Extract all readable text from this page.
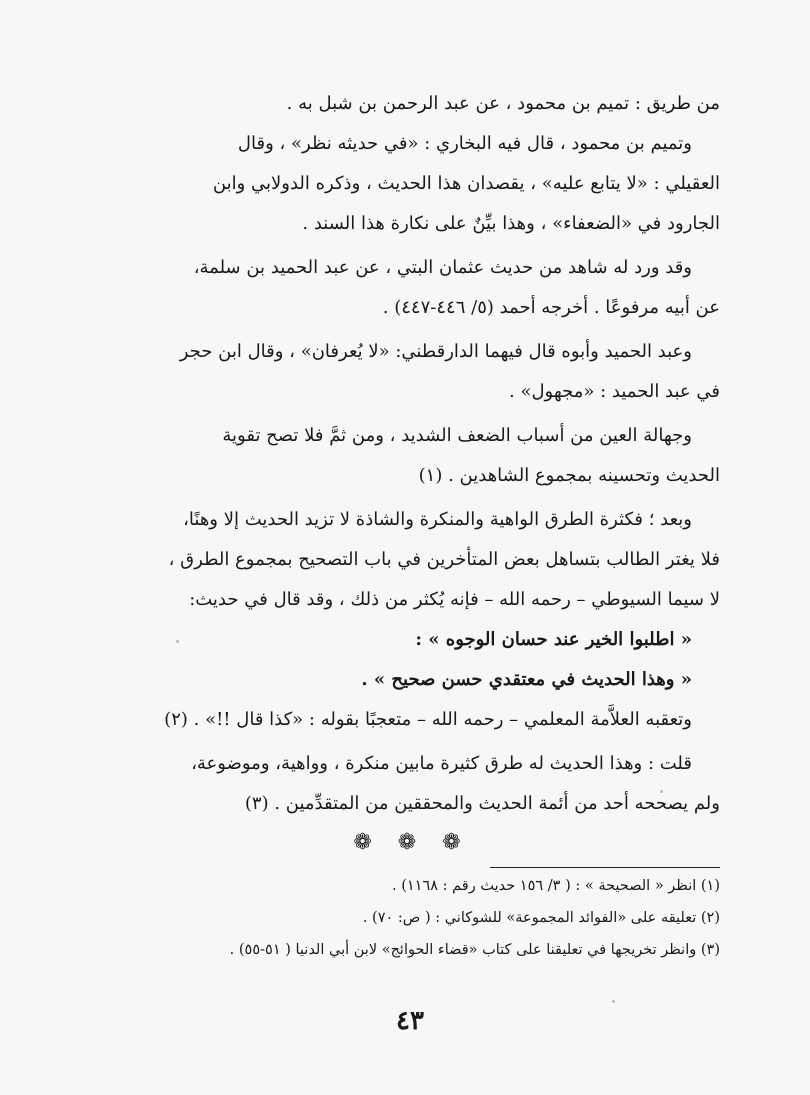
من طريق : تميم بن محمود ، عن عبد الرحمن بن شبل به .
وتميم بن محمود ، قال فيه البخاري : «في حديثه نظر» ، وقال
العقيلي : «لا يتابع عليه» ، يقصدان هذا الحديث ، وذكره الدولابي وابن
الجارود في «الضعفاء» ، وهذا بيِّنٌ على نكارة هذا السند .
وقد ورد له شاهد من حديث عثمان البتي ، عن عبد الحميد بن سلمة،
عن أبيه مرفوعًا . أخرجه أحمد (٥/ ٤٤٦-٤٤٧) .
وعبد الحميد وأبوه قال فيهما الدارقطني: «لا يُعرفان» ، وقال ابن حجر
في عبد الحميد : «مجهول» .
وجهالة العين من أسباب الضعف الشديد ، ومن ثمَّ فلا تصح تقوية
الحديث وتحسينه بمجموع الشاهدين . (١)
وبعد ؛ فكثرة الطرق الواهية والمنكرة والشاذة لا تزيد الحديث إلا وهنًا،
فلا يغتر الطالب بتساهل بعض المتأخرين في باب التصحيح بمجموع الطرق ،
لا سيما السيوطي – رحمه الله – فإنه يُكثر من ذلك ، وقد قال في حديث:
« اطلبوا الخير عند حسان الوجوه » :
« وهذا الحديث في معتقدي حسن صحيح » .
وتعقبه العلاَّمة المعلمي – رحمه الله – متعجبًا بقوله : «كذا قال !!» . (٢)
قلت : وهذا الحديث له طرق كثيرة مابين منكرة ، وواهية، وموضوعة،
ولم يصححه أحد من أئمة الحديث والمحققين من المتقدِّمين . (٣)
❁❁❁
(١) انظر « الصحيحة » : ( ٣/ ١٥٦ حديث رقم : ١١٦٨) .
(٢) تعليقه على «الفوائد المجموعة» للشوكاني : ( ص: ٧٠) .
(٣) وانظر تخريجها في تعليقنا على كتاب «قضاء الحوائج» لابن أبي الدنيا ( ٥١-٥٥) .
٤٣
